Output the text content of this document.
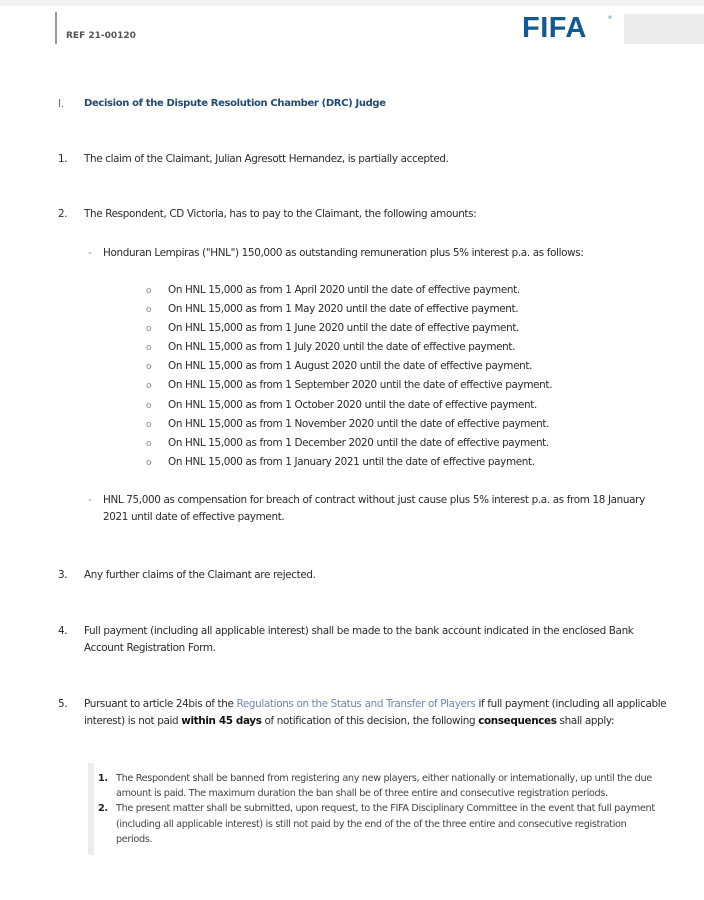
REF 21-00120	FIFA	®
I. Decision of the Dispute Resolution Chamber (DRC) Judge
1. The claim of the Claimant, Julian Agresott Hernandez, is partially accepted.
2. The Respondent, CD Victoria, has to pay to the Claimant, the following amounts:
- Honduran Lempiras ("HNL") 150,000 as outstanding remuneration plus 5% interest p.a. as follows:
o On HNL 15,000 as from 1 April 2020 until the date of effective payment.
o On HNL 15,000 as from 1 May 2020 until the date of effective payment.
o On HNL 15,000 as from 1 June 2020 until the date of effective payment.
o On HNL 15,000 as from 1 July 2020 until the date of effective payment.
o On HNL 15,000 as from 1 August 2020 until the date of effective payment.
o On HNL 15,000 as from 1 September 2020 until the date of effective payment.
o On HNL 15,000 as from 1 October 2020 until the date of effective payment.
o On HNL 15,000 as from 1 November 2020 until the date of effective payment.
o On HNL 15,000 as from 1 December 2020 until the date of effective payment.
o On HNL 15,000 as from 1 January 2021 until the date of effective payment.
- HNL 75,000 as compensation for breach of contract without just cause plus 5% interest p.a. as from 18 January 2021 until date of effective payment.
3. Any further claims of the Claimant are rejected.
4. Full payment (including all applicable interest) shall be made to the bank account indicated in the enclosed Bank Account Registration Form.
5. Pursuant to article 24bis of the Regulations on the Status and Transfer of Players if full payment (including all applicable interest) is not paid within 45 days of notification of this decision, the following consequences shall apply:
1. The Respondent shall be banned from registering any new players, either nationally or internationally, up until the due amount is paid. The maximum duration the ban shall be of three entire and consecutive registration periods.
2. The present matter shall be submitted, upon request, to the FIFA Disciplinary Committee in the event that full payment (including all applicable interest) is still not paid by the end of the of the three entire and consecutive registration periods.
